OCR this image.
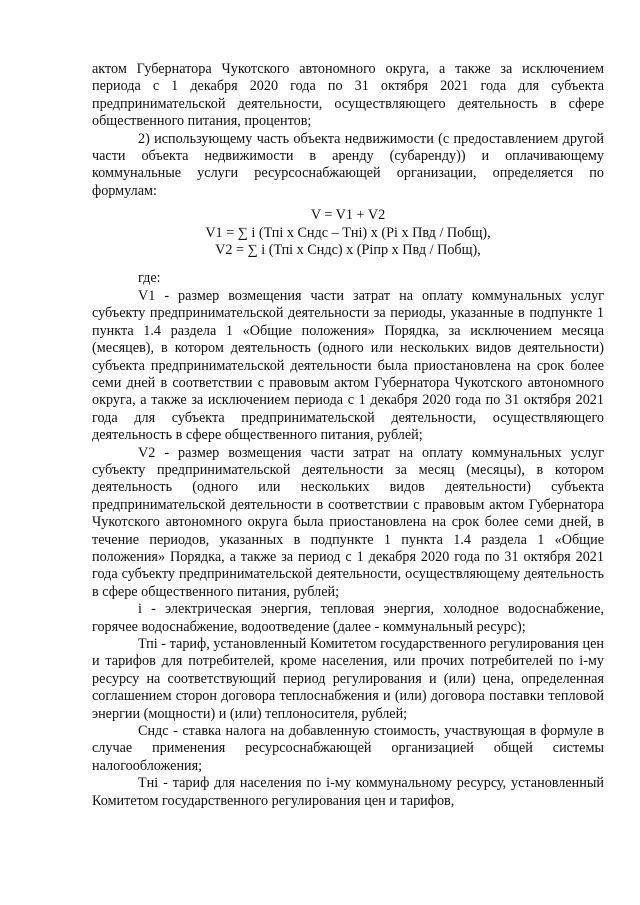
актом Губернатора Чукотского автономного округа, а также за исключением периода с 1 декабря 2020 года по 31 октября 2021 года для субъекта предпринимательской деятельности, осуществляющего деятельность в сфере общественного питания, процентов;

2) использующему часть объекта недвижимости (с предоставлением другой части объекта недвижимости в аренду (субаренду)) и оплачивающему коммунальные услуги ресурсоснабжающей организации, определяется по формулам:

V = V1 + V2
V1 = ∑ i (Тпi х Сндс – Тнi) х (Pi х Пвд / Побщ),
V2 = ∑ i (Тпi х Сндс) х (Piпр х Пвд / Побщ),

где:

V1 - размер возмещения части затрат на оплату коммунальных услуг субъекту предпринимательской деятельности за периоды, указанные в подпункте 1 пункта 1.4 раздела 1 «Общие положения» Порядка, за исключением месяца (месяцев), в котором деятельность (одного или нескольких видов деятельности) субъекта предпринимательской деятельности была приостановлена на срок более семи дней в соответствии с правовым актом Губернатора Чукотского автономного округа, а также за исключением периода с 1 декабря 2020 года по 31 октября 2021 года для субъекта предпринимательской деятельности, осуществляющего деятельность в сфере общественного питания, рублей;

V2 - размер возмещения части затрат на оплату коммунальных услуг субъекту предпринимательской деятельности за месяц (месяцы), в котором деятельность (одного или нескольких видов деятельности) субъекта предпринимательской деятельности в соответствии с правовым актом Губернатора Чукотского автономного округа была приостановлена на срок более семи дней, в течение периодов, указанных в подпункте 1 пункта 1.4 раздела 1 «Общие положения» Порядка, а также за период с 1 декабря 2020 года по 31 октября 2021 года субъекту предпринимательской деятельности, осуществляющему деятельность в сфере общественного питания, рублей;

i - электрическая энергия, тепловая энергия, холодное водоснабжение, горячее водоснабжение, водоотведение (далее - коммунальный ресурс);

Тпi - тариф, установленный Комитетом государственного регулирования цен и тарифов для потребителей, кроме населения, или прочих потребителей по i-му ресурсу на соответствующий период регулирования и (или) цена, определенная соглашением сторон договора теплоснабжения и (или) договора поставки тепловой энергии (мощности) и (или) теплоносителя, рублей;

Сндс - ставка налога на добавленную стоимость, участвующая в формуле в случае применения ресурсоснабжающей организацией общей системы налогообложения;

Тнi - тариф для населения по i-му коммунальному ресурсу, установленный Комитетом государственного регулирования цен и тарифов,
